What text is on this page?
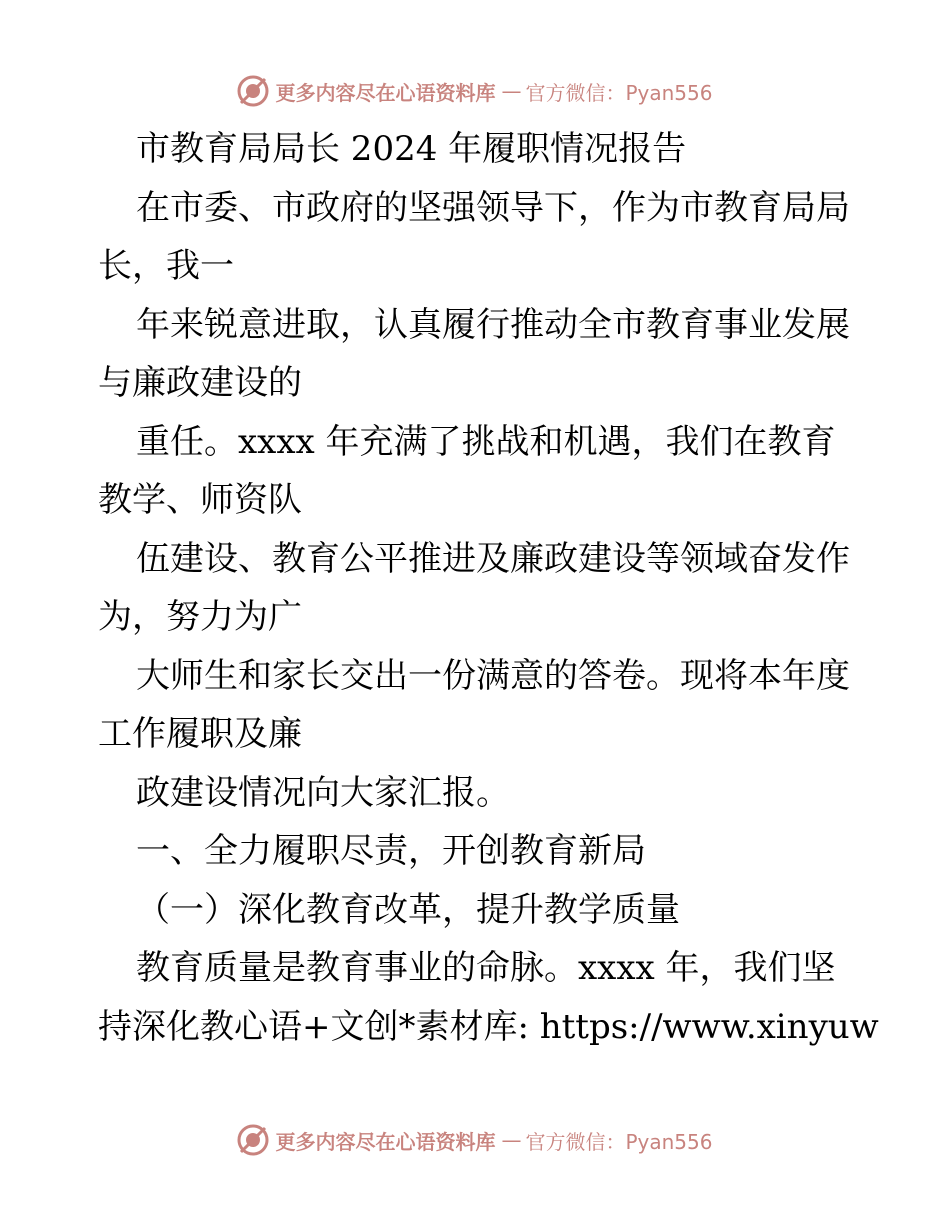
更多内容尽在心语资料库 — 官方微信：Pyan556
市教育局局长 2024 年履职情况报告
在市委、市政府的坚强领导下，作为市教育局局
长，我一
年来锐意进取，认真履行推动全市教育事业发展
与廉政建设的
重任。xxxx 年充满了挑战和机遇，我们在教育
教学、师资队
伍建设、教育公平推进及廉政建设等领域奋发作
为，努力为广
大师生和家长交出一份满意的答卷。现将本年度
工作履职及廉
政建设情况向大家汇报。
一、全力履职尽责，开创教育新局
（一）深化教育改革，提升教学质量
教育质量是教育事业的命脉。xxxx 年，我们坚
持深化教心语+文创*素材库: https://www.xinyuw
更多内容尽在心语资料库 — 官方微信：Pyan556
